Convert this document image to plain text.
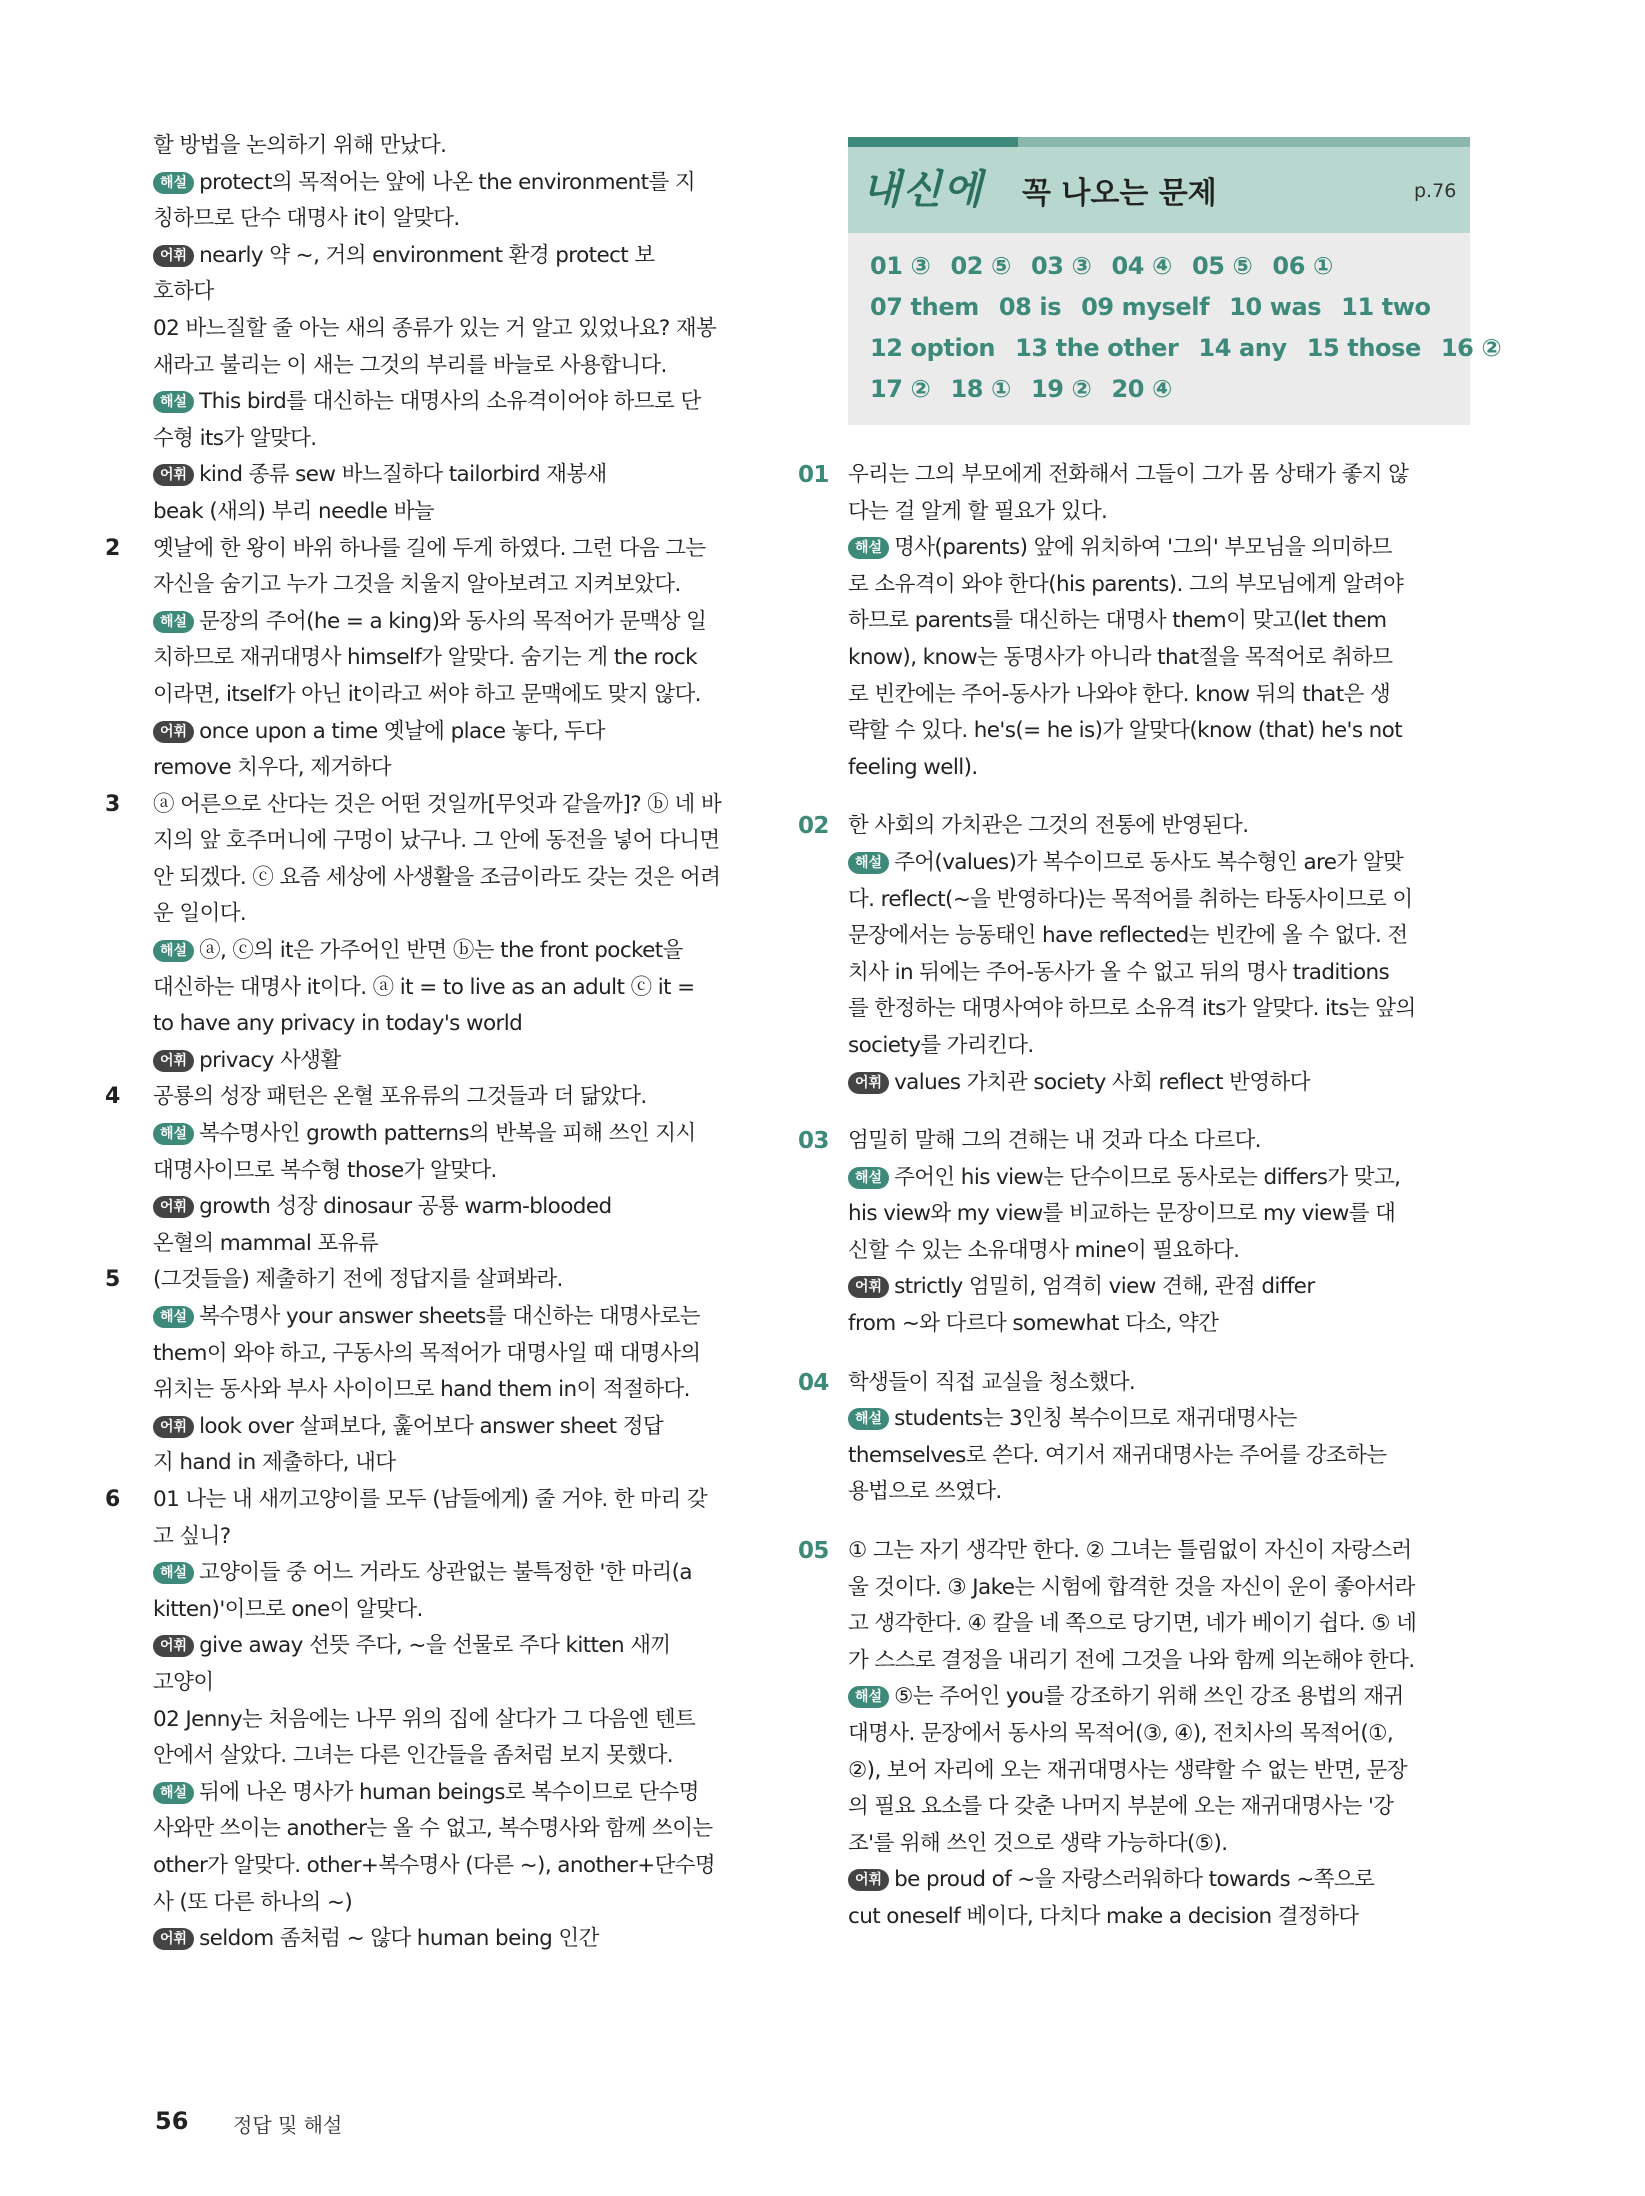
할 방법을 논의하기 위해 만났다.
해설 protect의 목적어는 앞에 나온 the environment를 지
칭하므로 단수 대명사 it이 알맞다.
어휘 nearly 약 ~, 거의 environment 환경 protect 보
호하다
02 바느질할 줄 아는 새의 종류가 있는 거 알고 있었나요? 재봉
새라고 불리는 이 새는 그것의 부리를 바늘로 사용합니다.
해설 This bird를 대신하는 대명사의 소유격이어야 하므로 단
수형 its가 알맞다.
어휘 kind 종류 sew 바느질하다 tailorbird 재봉새
beak (새의) 부리 needle 바늘
2 옛날에 한 왕이 바위 하나를 길에 두게 하였다. 그런 다음 그는
자신을 숨기고 누가 그것을 치울지 알아보려고 지켜보았다.
해설 문장의 주어(he = a king)와 동사의 목적어가 문맥상 일
치하므로 재귀대명사 himself가 알맞다. 숨기는 게 the rock
이라면, itself가 아닌 it이라고 써야 하고 문맥에도 맞지 않다.
어휘 once upon a time 옛날에 place 놓다, 두다
remove 치우다, 제거하다
3 ⓐ 어른으로 산다는 것은 어떤 것일까[무엇과 같을까]? ⓑ 네 바
지의 앞 호주머니에 구멍이 났구나. 그 안에 동전을 넣어 다니면
안 되겠다. ⓒ 요즘 세상에 사생활을 조금이라도 갖는 것은 어려
운 일이다.
해설 ⓐ, ⓒ의 it은 가주어인 반면 ⓑ는 the front pocket을
대신하는 대명사 it이다. ⓐ it = to live as an adult ⓒ it =
to have any privacy in today's world
어휘 privacy 사생활
4 공룡의 성장 패턴은 온혈 포유류의 그것들과 더 닮았다.
해설 복수명사인 growth patterns의 반복을 피해 쓰인 지시
대명사이므로 복수형 those가 알맞다.
어휘 growth 성장 dinosaur 공룡 warm-blooded
온혈의 mammal 포유류
5 (그것들을) 제출하기 전에 정답지를 살펴봐라.
해설 복수명사 your answer sheets를 대신하는 대명사로는
them이 와야 하고, 구동사의 목적어가 대명사일 때 대명사의
위치는 동사와 부사 사이이므로 hand them in이 적절하다.
어휘 look over 살펴보다, 훑어보다 answer sheet 정답
지 hand in 제출하다, 내다
6 01 나는 내 새끼고양이를 모두 (남들에게) 줄 거야. 한 마리 갖
고 싶니?
해설 고양이들 중 어느 거라도 상관없는 불특정한 '한 마리(a
kitten)'이므로 one이 알맞다.
어휘 give away 선뜻 주다, ~을 선물로 주다 kitten 새끼
고양이
02 Jenny는 처음에는 나무 위의 집에 살다가 그 다음엔 텐트
안에서 살았다. 그녀는 다른 인간들을 좀처럼 보지 못했다.
해설 뒤에 나온 명사가 human beings로 복수이므로 단수명
사와만 쓰이는 another는 올 수 없고, 복수명사와 함께 쓰이는
other가 알맞다. other+복수명사 (다른 ~), another+단수명
사 (또 다른 하나의 ~)
어휘 seldom 좀처럼 ~ 않다 human being 인간
내신에 꼭 나오는 문제	p.76
01 ③ 02 ⑤ 03 ③ 04 ④ 05 ⑤ 06 ①
07 them 08 is 09 myself 10 was 11 two
12 option 13 the other 14 any 15 those 16 ②
17 ② 18 ① 19 ② 20 ④
01 우리는 그의 부모에게 전화해서 그들이 그가 몸 상태가 좋지 않
다는 걸 알게 할 필요가 있다.
해설 명사(parents) 앞에 위치하여 '그의' 부모님을 의미하므
로 소유격이 와야 한다(his parents). 그의 부모님에게 알려야
하므로 parents를 대신하는 대명사 them이 맞고(let them
know), know는 동명사가 아니라 that절을 목적어로 취하므
로 빈칸에는 주어-동사가 나와야 한다. know 뒤의 that은 생
략할 수 있다. he's(= he is)가 알맞다(know (that) he's not
feeling well).
02 한 사회의 가치관은 그것의 전통에 반영된다.
해설 주어(values)가 복수이므로 동사도 복수형인 are가 알맞
다. reflect(~을 반영하다)는 목적어를 취하는 타동사이므로 이
문장에서는 능동태인 have reflected는 빈칸에 올 수 없다. 전
치사 in 뒤에는 주어-동사가 올 수 없고 뒤의 명사 traditions
를 한정하는 대명사여야 하므로 소유격 its가 알맞다. its는 앞의
society를 가리킨다.
어휘 values 가치관 society 사회 reflect 반영하다
03 엄밀히 말해 그의 견해는 내 것과 다소 다르다.
해설 주어인 his view는 단수이므로 동사로는 differs가 맞고,
his view와 my view를 비교하는 문장이므로 my view를 대
신할 수 있는 소유대명사 mine이 필요하다.
어휘 strictly 엄밀히, 엄격히 view 견해, 관점 differ
from ~와 다르다 somewhat 다소, 약간
04 학생들이 직접 교실을 청소했다.
해설 students는 3인칭 복수이므로 재귀대명사는
themselves로 쓴다. 여기서 재귀대명사는 주어를 강조하는
용법으로 쓰였다.
05 ① 그는 자기 생각만 한다. ② 그녀는 틀림없이 자신이 자랑스러
울 것이다. ③ Jake는 시험에 합격한 것을 자신이 운이 좋아서라
고 생각한다. ④ 칼을 네 쪽으로 당기면, 네가 베이기 쉽다. ⑤ 네
가 스스로 결정을 내리기 전에 그것을 나와 함께 의논해야 한다.
해설 ⑤는 주어인 you를 강조하기 위해 쓰인 강조 용법의 재귀
대명사. 문장에서 동사의 목적어(③, ④), 전치사의 목적어(①,
②), 보어 자리에 오는 재귀대명사는 생략할 수 없는 반면, 문장
의 필요 요소를 다 갖춘 나머지 부분에 오는 재귀대명사는 '강
조'를 위해 쓰인 것으로 생략 가능하다(⑤).
어휘 be proud of ~을 자랑스러워하다 towards ~쪽으로
cut oneself 베이다, 다치다 make a decision 결정하다
56 정답 및 해설
